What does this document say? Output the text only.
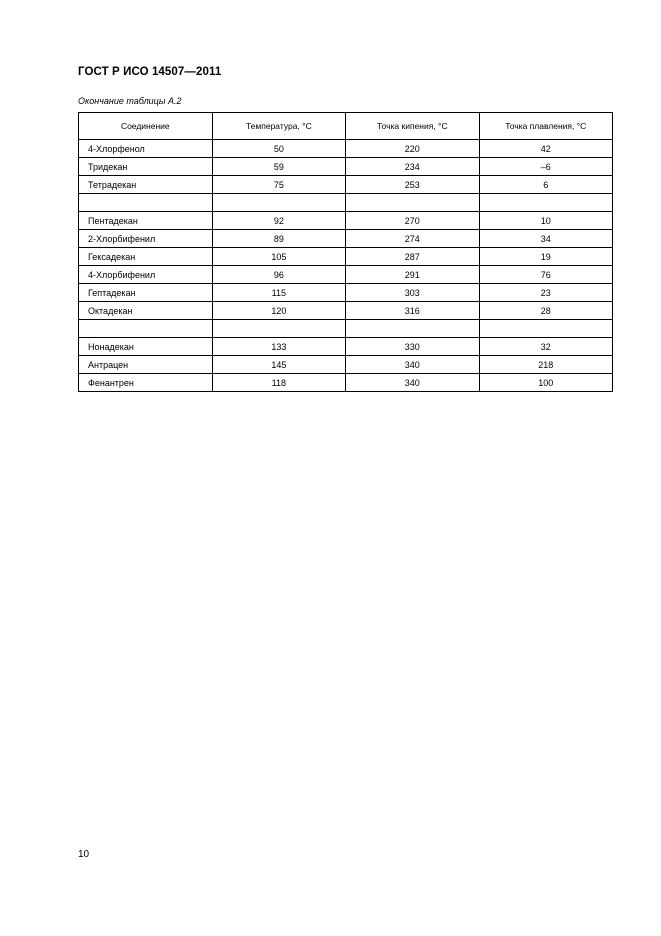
ГОСТ Р ИСО 14507—2011
Окончание таблицы А.2
Соединение	Температура, °С	Точка кипения, °С	Точка плавления, °С
4-Хлорфенол	50	220	42
Тридекан	59	234	–6
Тетрадекан	75	253	6

Пентадекан	92	270	10
2-Хлорбифенил	89	274	34
Гексадекан	105	287	19
4-Хлорбифенил	96	291	76
Гептадекан	115	303	23
Октадекан	120	316	28

Нонадекан	133	330	32
Антрацен	145	340	218
Фенантрен	118	340	100
10
